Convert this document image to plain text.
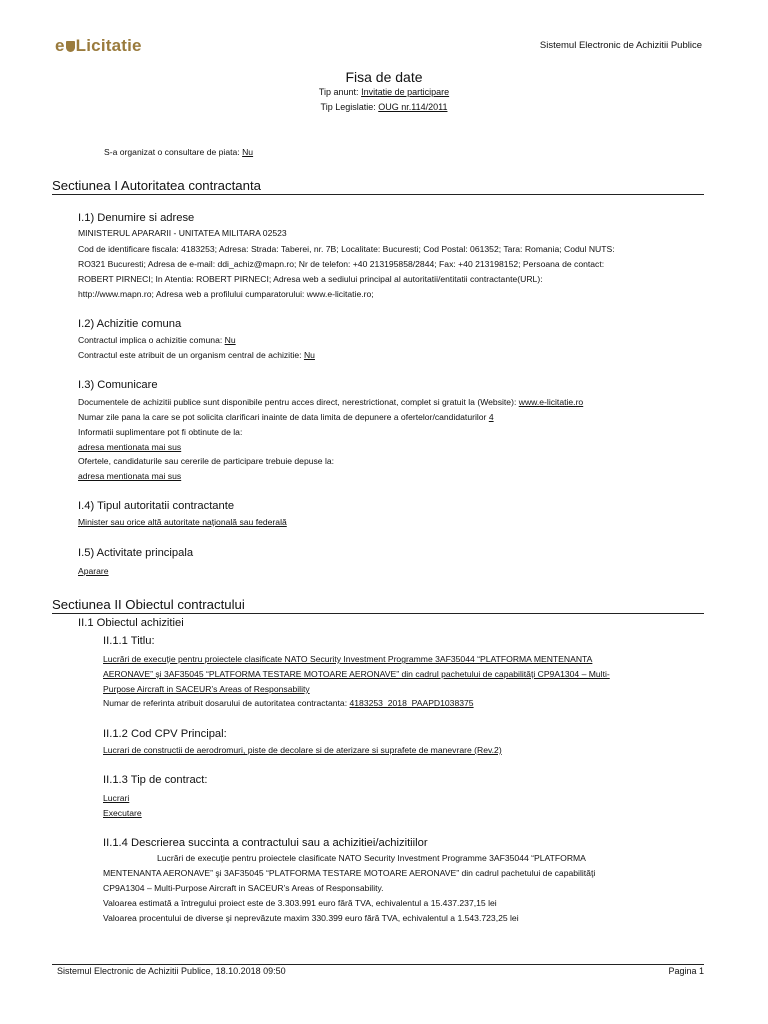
e Licitatie	Sistemul Electronic de Achizitii Publice
Fisa de date
Tip anunt: Invitatie de participare
Tip Legislatie: OUG nr.114/2011
S-a organizat o consultare de piata: Nu
Sectiunea I Autoritatea contractanta
I.1) Denumire si adrese
MINISTERUL APARARII - UNITATEA MILITARA 02523
Cod de identificare fiscala: 4183253; Adresa: Strada: Taberei, nr. 7B; Localitate: Bucuresti; Cod Postal: 061352; Tara: Romania; Codul NUTS:
RO321 Bucuresti; Adresa de e-mail: ddi_achiz@mapn.ro; Nr de telefon: +40 213195858/2844; Fax: +40 213198152; Persoana de contact:
ROBERT PIRNECI; In Atentia: ROBERT PIRNECI; Adresa web a sediului principal al autoritatii/entitatii contractante(URL):
http://www.mapn.ro; Adresa web a profilului cumparatorului: www.e-licitatie.ro;
I.2) Achizitie comuna
Contractul implica o achizitie comuna: Nu
Contractul este atribuit de un organism central de achizitie: Nu
I.3) Comunicare
Documentele de achizitii publice sunt disponibile pentru acces direct, nerestrictionat, complet si gratuit la (Website): www.e-licitatie.ro
Numar zile pana la care se pot solicita clarificari inainte de data limita de depunere a ofertelor/candidaturilor 4
Informatii suplimentare pot fi obtinute de la:
adresa mentionata mai sus
Ofertele, candidaturile sau cererile de participare trebuie depuse la:
adresa mentionata mai sus
I.4) Tipul autoritatii contractante
Minister sau orice altă autoritate naţională sau federală
I.5) Activitate principala
Aparare
Sectiunea II Obiectul contractului
II.1 Obiectul achizitiei
II.1.1 Titlu:
Lucrări de execuţie pentru proiectele clasificate NATO Security Investment Programme 3AF35044 “PLATFORMA MENTENANTA
AERONAVE” şi 3AF35045 “PLATFORMA TESTARE MOTOARE AERONAVE” din cadrul pachetului de capabilităţi CP9A1304 – Multi-
Purpose Aircraft in SACEUR’s Areas of Responsability
Numar de referinta atribuit dosarului de autoritatea contractanta: 4183253_2018_PAAPD1038375
II.1.2 Cod CPV Principal:
Lucrari de constructii de aerodromuri, piste de decolare si de aterizare si suprafete de manevrare (Rev.2)
II.1.3 Tip de contract:
Lucrari
Executare
II.1.4 Descrierea succinta a contractului sau a achizitiei/achizitiilor
Lucrări de execuţie pentru proiectele clasificate NATO Security Investment Programme 3AF35044 “PLATFORMA
MENTENANTA AERONAVE” şi 3AF35045 “PLATFORMA TESTARE MOTOARE AERONAVE” din cadrul pachetului de capabilităţi
CP9A1304 – Multi-Purpose Aircraft in SACEUR’s Areas of Responsability.
Valoarea estimată a întregului proiect este de 3.303.991 euro fără TVA, echivalentul a 15.437.237,15 lei
Valoarea procentului de diverse şi neprevăzute maxim 330.399 euro fără TVA, echivalentul a 1.543.723,25 lei
Sistemul Electronic de Achizitii Publice, 18.10.2018 09:50	Pagina 1
